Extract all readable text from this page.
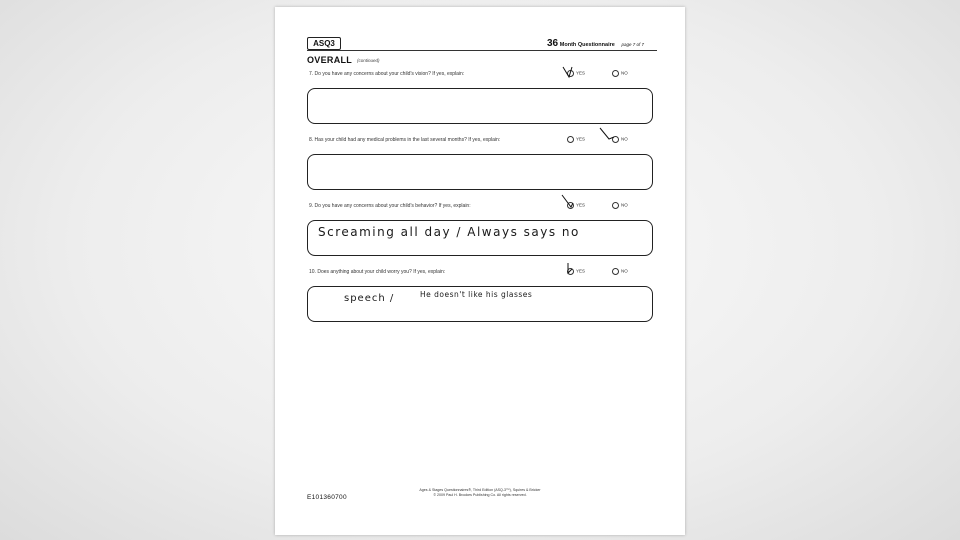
ASQ3	36 Month Questionnaire page 7 of 7
OVERALL (continued)
7. Do you have any concerns about your child's vision? If yes, explain:	YES	NO
8. Has your child had any medical problems in the last several months? If yes, explain:	YES	NO
9. Do you have any concerns about your child's behavior? If yes, explain:	YES	NO
Screaming all day / Always says no
10. Does anything about your child worry you? If yes, explain:	YES	NO
speech /	He doesn't like his glasses
E101360700
Ages & Stages Questionnaires®, Third Edition (ASQ-3™), Squires & Bricker
© 2009 Paul H. Brookes Publishing Co. All rights reserved.
